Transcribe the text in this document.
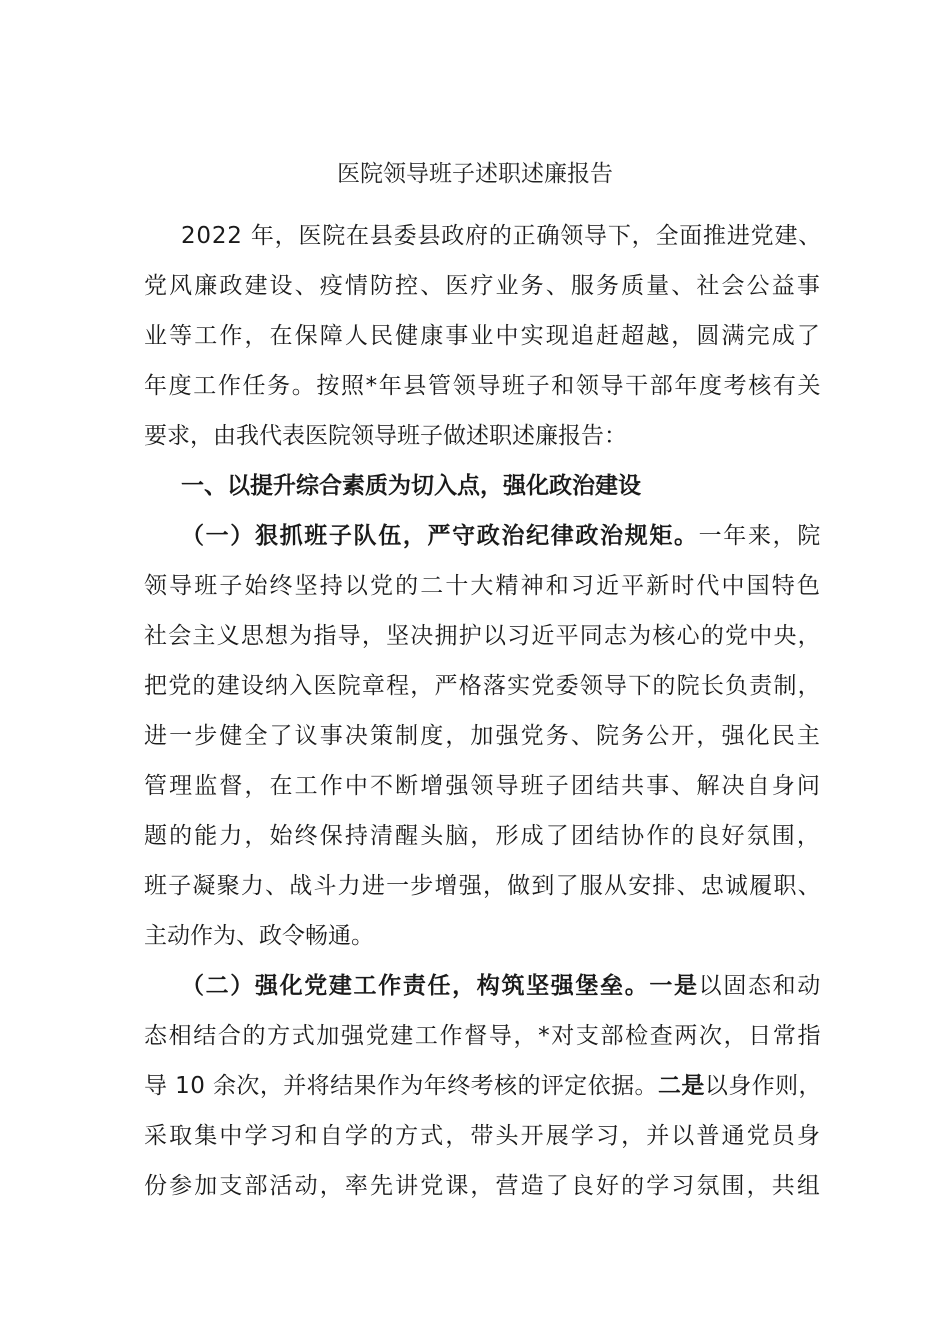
医院领导班子述职述廉报告
2022 年，医院在县委县政府的正确领导下，全面推进党建、
党风廉政建设、疫情防控、医疗业务、服务质量、社会公益事
业等工作，在保障人民健康事业中实现追赶超越，圆满完成了
年度工作任务。按照*年县管领导班子和领导干部年度考核有关
要求，由我代表医院领导班子做述职述廉报告：
一、以提升综合素质为切入点，强化政治建设
（一）狠抓班子队伍，严守政治纪律政治规矩。一年来，院
领导班子始终坚持以党的二十大精神和习近平新时代中国特色
社会主义思想为指导，坚决拥护以习近平同志为核心的党中央，
把党的建设纳入医院章程，严格落实党委领导下的院长负责制，
进一步健全了议事决策制度，加强党务、院务公开，强化民主
管理监督，在工作中不断增强领导班子团结共事、解决自身问
题的能力，始终保持清醒头脑，形成了团结协作的良好氛围，
班子凝聚力、战斗力进一步增强，做到了服从安排、忠诚履职、
主动作为、政令畅通。
（二）强化党建工作责任，构筑坚强堡垒。一是以固态和动
态相结合的方式加强党建工作督导，*对支部检查两次，日常指
导 10 余次，并将结果作为年终考核的评定依据。二是以身作则，
采取集中学习和自学的方式，带头开展学习，并以普通党员身
份参加支部活动，率先讲党课，营造了良好的学习氛围，共组
